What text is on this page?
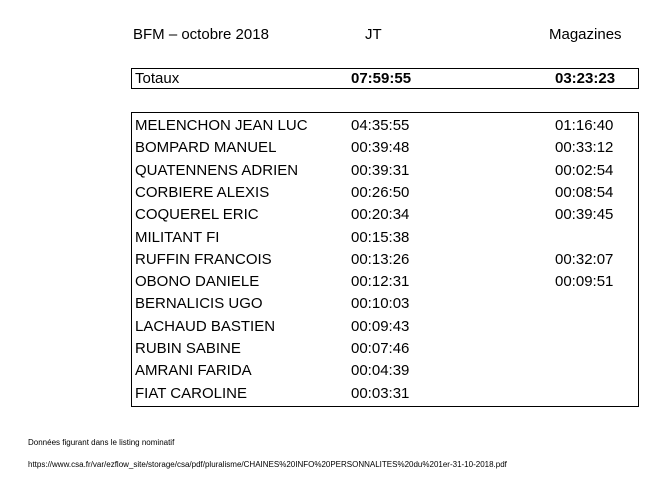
BFM – octobre 2018	JT	Magazines
Totaux	07:59:55	03:23:23
MELENCHON JEAN LUC	04:35:55	01:16:40
BOMPARD MANUEL	00:39:48	00:33:12
QUATENNENS ADRIEN	00:39:31	00:02:54
CORBIERE ALEXIS	00:26:50	00:08:54
COQUEREL ERIC	00:20:34	00:39:45
MILITANT FI	00:15:38
RUFFIN FRANCOIS	00:13:26	00:32:07
OBONO DANIELE	00:12:31	00:09:51
BERNALICIS UGO	00:10:03
LACHAUD BASTIEN	00:09:43
RUBIN SABINE	00:07:46
AMRANI FARIDA	00:04:39
FIAT CAROLINE	00:03:31
Données figurant dans le listing nominatif
https://www.csa.fr/var/ezflow_site/storage/csa/pdf/pluralisme/CHAINES%20INFO%20PERSONNALITES%20du%201er-31-10-2018.pdf
